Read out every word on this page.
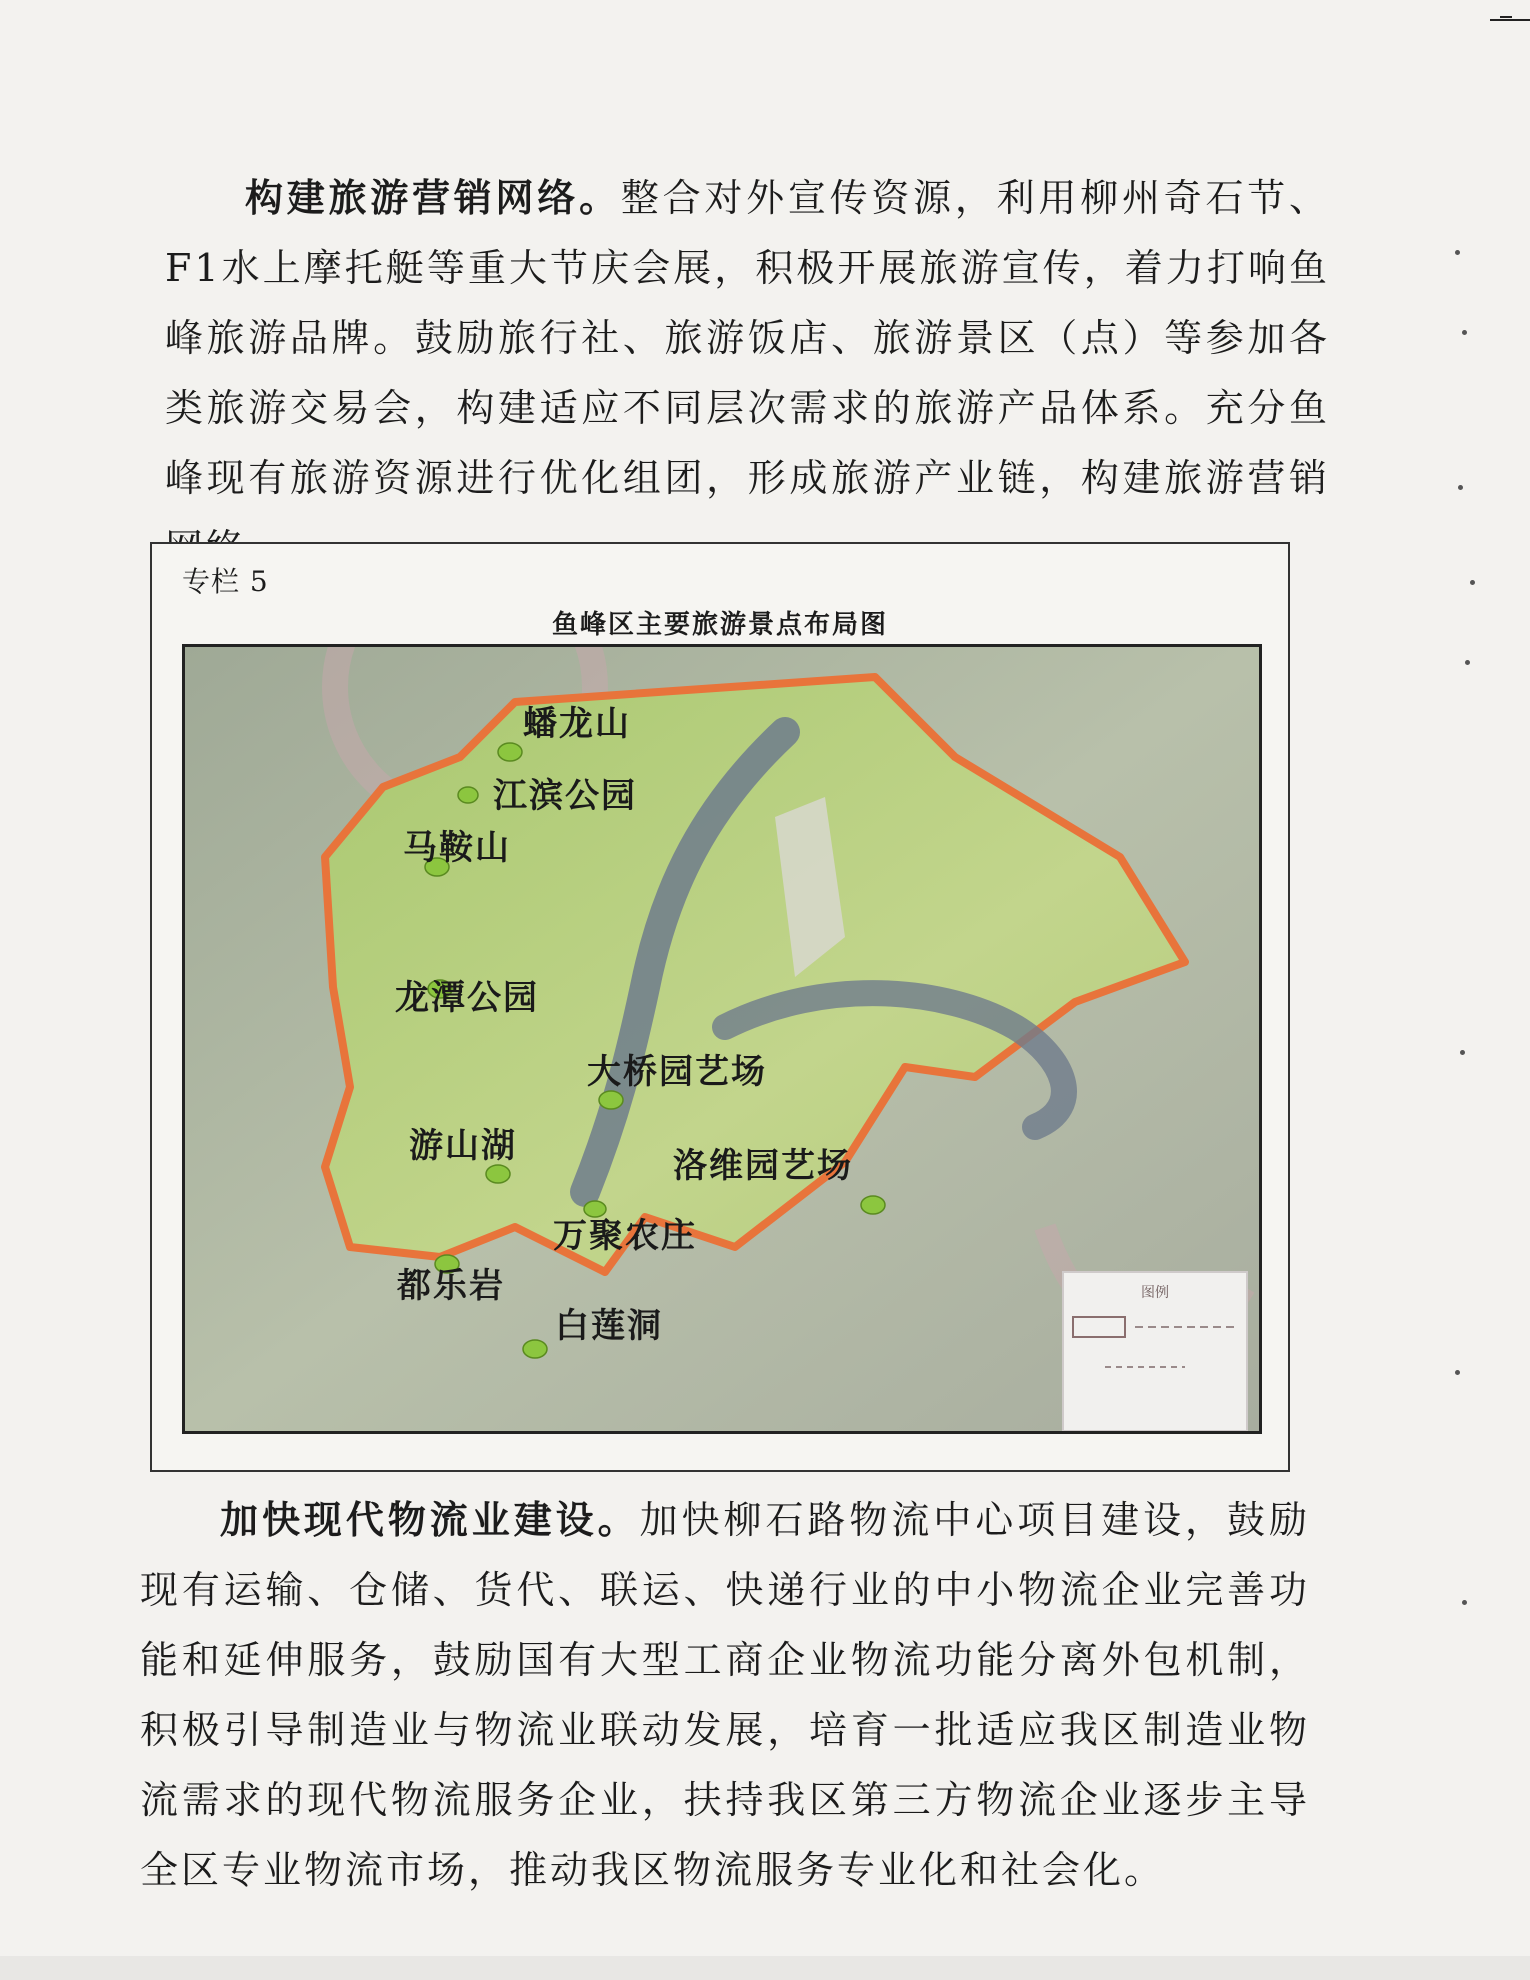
构建旅游营销网络。整合对外宣传资源，利用柳州奇石节、F1水上摩托艇等重大节庆会展，积极开展旅游宣传，着力打响鱼峰旅游品牌。鼓励旅行社、旅游饭店、旅游景区（点）等参加各类旅游交易会，构建适应不同层次需求的旅游产品体系。充分鱼峰现有旅游资源进行优化组团，形成旅游产业链，构建旅游营销

专栏 5
鱼峰区主要旅游景点布局图
图例
蟠龙山
江滨公园
马鞍山
龙潭公园
大桥园艺场
游山湖	洛维园艺场
万聚农庄
都乐岩
白莲洞

加快现代物流业建设。加快柳石路物流中心项目建设，鼓励现有运输、仓储、货代、联运、快递行业的中小物流企业完善功能和延伸服务，鼓励国有大型工商企业物流功能分离外包机制，积极引导制造业与物流业联动发展，培育一批适应我区制造业物流需求的现代物流服务企业，扶持我区第三方物流企业逐步主导全区专业物流市场，推动我区物流服务专业化和社会化。
